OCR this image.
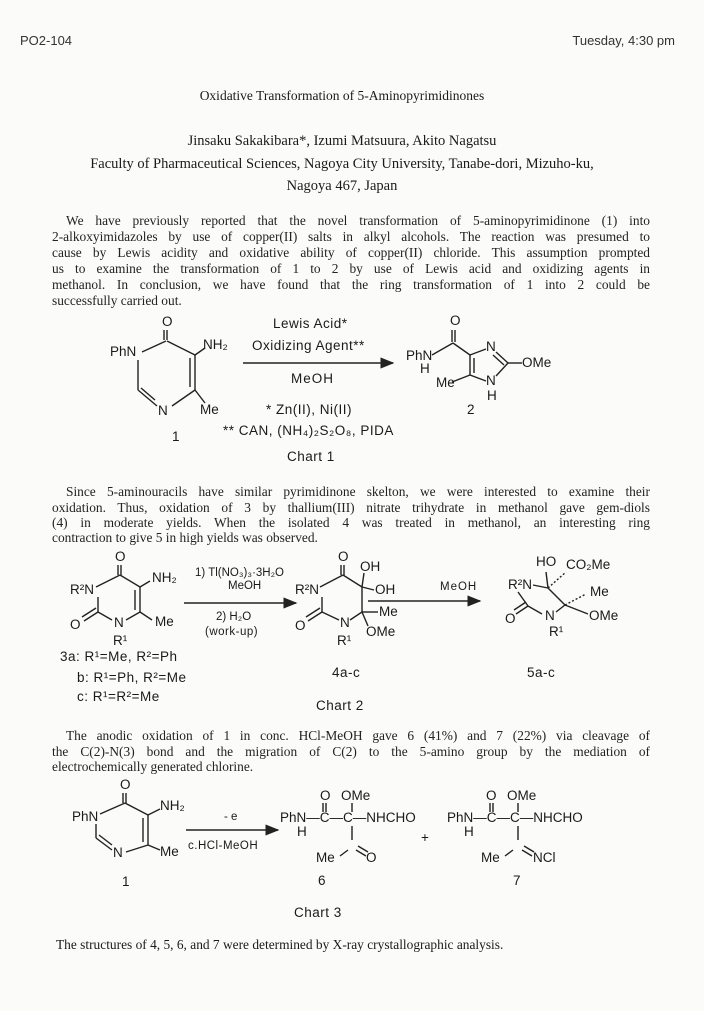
PO2-104	Tuesday, 4:30 pm
Oxidative Transformation of 5-Aminopyrimidinones
Jinsaku Sakakibara*, Izumi Matsuura, Akito Nagatsu
Faculty of Pharmaceutical Sciences, Nagoya City University, Tanabe-dori, Mizuho-ku,
Nagoya 467, Japan
We have previously reported that the novel transformation of 5-aminopyrimidinone (1) into
2-alkoxyimidazoles by use of copper(II) salts in alkyl alcohols. The reaction was presumed to
cause by Lewis acidity and oxidative ability of copper(II) chloride. This assumption prompted
us to examine the transformation of 1 to 2 by use of Lewis acid and oxidizing agents in
methanol. In conclusion, we have found that the ring transformation of 1 into 2 could be
successfully carried out.
O
PhN	NH₂
N Me
1
Lewis Acid*
Oxidizing Agent**
MeOH
O
PhN
H
N
OMe
Me N
H
2
* Zn(II), Ni(II)
** CAN, (NH₄)₂S₂O₈, PIDA
Chart 1
Since 5-aminouracils have similar pyrimidinone skelton, we were interested to examine their
oxidation. Thus, oxidation of 3 by thallium(III) nitrate trihydrate in methanol gave gem-diols
(4) in moderate yields. When the isolated 4 was treated in methanol, an interesting ring
contraction to give 5 in high yields was observed.
O
R²N
NH₂
O N Me
R¹
3a: R¹=Me, R²=Ph
b: R¹=Ph, R²=Me
c: R¹=R²=Me
1) Tl(NO₃)₃·3H₂O
MeOH
2) H₂O
(work-up)
O
OH
R²N	OH
Me
O	N
R¹
OMe
4a-c
MeOH
HO CO₂Me
R²N	Me
OMe
O N
R¹
5a-c
Chart 2
The anodic oxidation of 1 in conc. HCl-MeOH gave 6 (41%) and 7 (22%) via cleavage of
the C(2)-N(3) bond and the migration of C(2) to the 5-amino group by the mediation of
electrochemically generated chlorine.
O
PhN
NH₂
N	Me
1
- e
c.HCl-MeOH
O OMe
PhN—C—C—NHCHO
H
Me O
6
+
O OMe
PhN—C—C—NHCHO
H
Me NCl
7
Chart 3
The structures of 4, 5, 6, and 7 were determined by X-ray crystallographic analysis.
